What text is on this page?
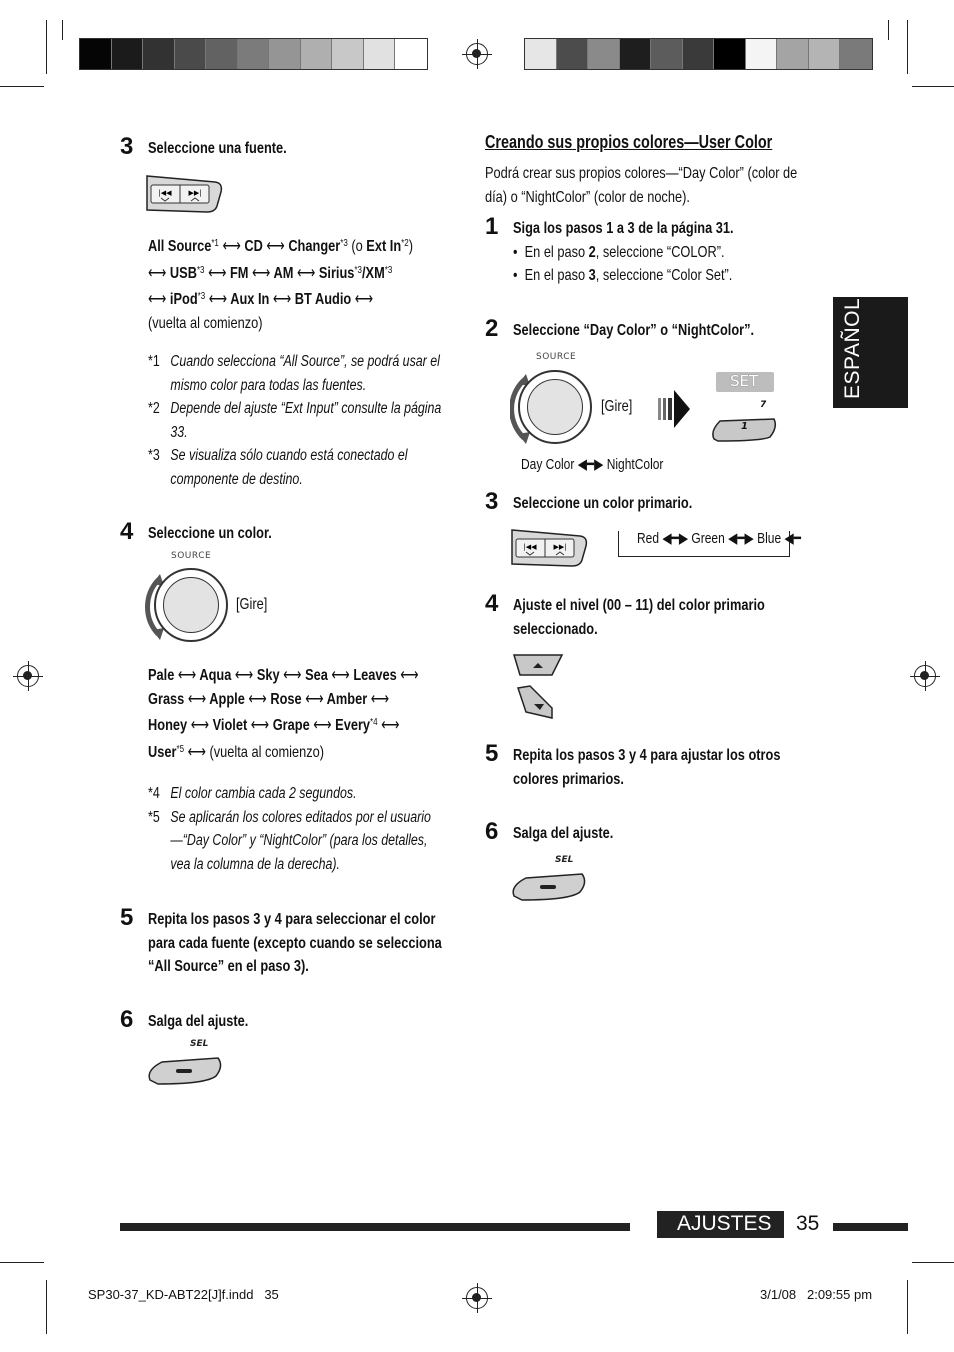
ESPAÑOL
3 Seleccione una fuente.
|◀◀ ▶▶|
All Source$^{*1}$ ⟷ CD ⟷ Changer$^{*3}$ (o Ext In$^{*2}$)
⟷ USB$^{*3}$ ⟷ FM ⟷ AM ⟷ Sirius$^{*3}$/XM$^{*3}$
⟷ iPod$^{*3}$ ⟷ Aux In ⟷ BT Audio ⟷
(vuelta al comienzo)
*1 Cuando selecciona “All Source”, se podrá usar el mismo color para todas las fuentes.
*2 Depende del ajuste “Ext Input” consulte la página 33.
*3 Se visualiza sólo cuando está conectado el componente de destino.
4 Seleccione un color.
SOURCE
[Gire]
Pale ⟷ Aqua ⟷ Sky ⟷ Sea ⟷ Leaves ⟷
Grass ⟷ Apple ⟷ Rose ⟷ Amber ⟷
Honey ⟷ Violet ⟷ Grape ⟷ Every$^{*4}$ ⟷
User$^{*5}$ ⟷ (vuelta al comienzo)
*4 El color cambia cada 2 segundos.
*5 Se aplicarán los colores editados por el usuario—“Day Color” y “NightColor” (para los detalles, vea la columna de la derecha).
5 Repita los pasos 3 y 4 para seleccionar el color para cada fuente (excepto cuando se selecciona “All Source” en el paso 3).
6 Salga del ajuste.
SEL
Creando sus propios colores—User Color
Podrá crear sus propios colores—“Day Color” (color de día) o “NightColor” (color de noche).
1 Siga los pasos 1 a 3 de la página 31.
•  En el paso 2, seleccione “COLOR”.
•  En el paso 3, seleccione “Color Set”.
2 Seleccione “Day Color” o “NightColor”.
SOURCE
[Gire]
SET
7
1
Day Color ◀━▶ NightColor
3 Seleccione un color primario.
|◀◀ ▶▶|	Red ◀━▶ Green ◀━▶ Blue ◀━
4 Ajuste el nivel (00 – 11) del color primario seleccionado.
5 Repita los pasos 3 y 4 para ajustar los otros colores primarios.
6 Salga del ajuste.
SEL
AJUSTES 35
SP30-37_KD-ABT22[J]f.indd   35	3/1/08   2:09:55 pm
